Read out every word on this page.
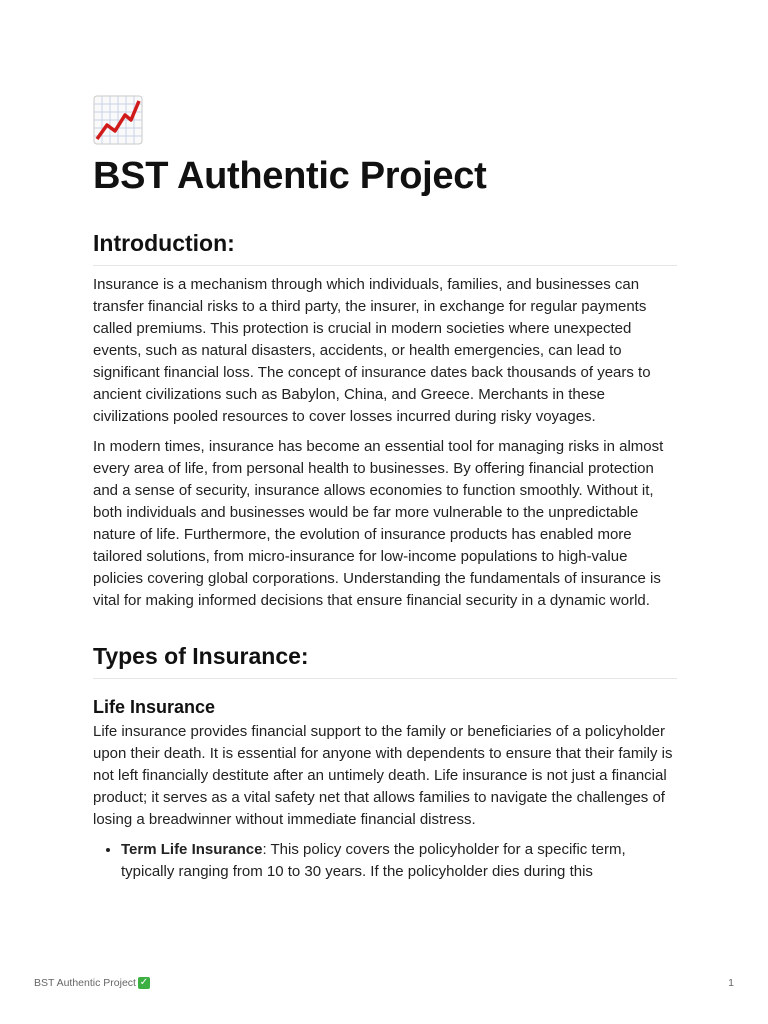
BST Authentic Project
Introduction:

Insurance is a mechanism through which individuals, families, and businesses can transfer financial risks to a third party, the insurer, in exchange for regular payments called premiums. This protection is crucial in modern societies where unexpected events, such as natural disasters, accidents, or health emergencies, can lead to significant financial loss. The concept of insurance dates back thousands of years to ancient civilizations such as Babylon, China, and Greece. Merchants in these civilizations pooled resources to cover losses incurred during risky voyages.

In modern times, insurance has become an essential tool for managing risks in almost every area of life, from personal health to businesses. By offering financial protection and a sense of security, insurance allows economies to function smoothly. Without it, both individuals and businesses would be far more vulnerable to the unpredictable nature of life. Furthermore, the evolution of insurance products has enabled more tailored solutions, from micro-insurance for low-income populations to high-value policies covering global corporations. Understanding the fundamentals of insurance is vital for making informed decisions that ensure financial security in a dynamic world.

Types of Insurance:
Life Insurance

Life insurance provides financial support to the family or beneficiaries of a policyholder upon their death. It is essential for anyone with dependents to ensure that their family is not left financially destitute after an untimely death. Life insurance is not just a financial product; it serves as a vital safety net that allows families to navigate the challenges of losing a breadwinner without immediate financial distress.

• Term Life Insurance: This policy covers the policyholder for a specific term, typically ranging from 10 to 30 years. If the policyholder dies during this
BST Authentic Project ✓	1
